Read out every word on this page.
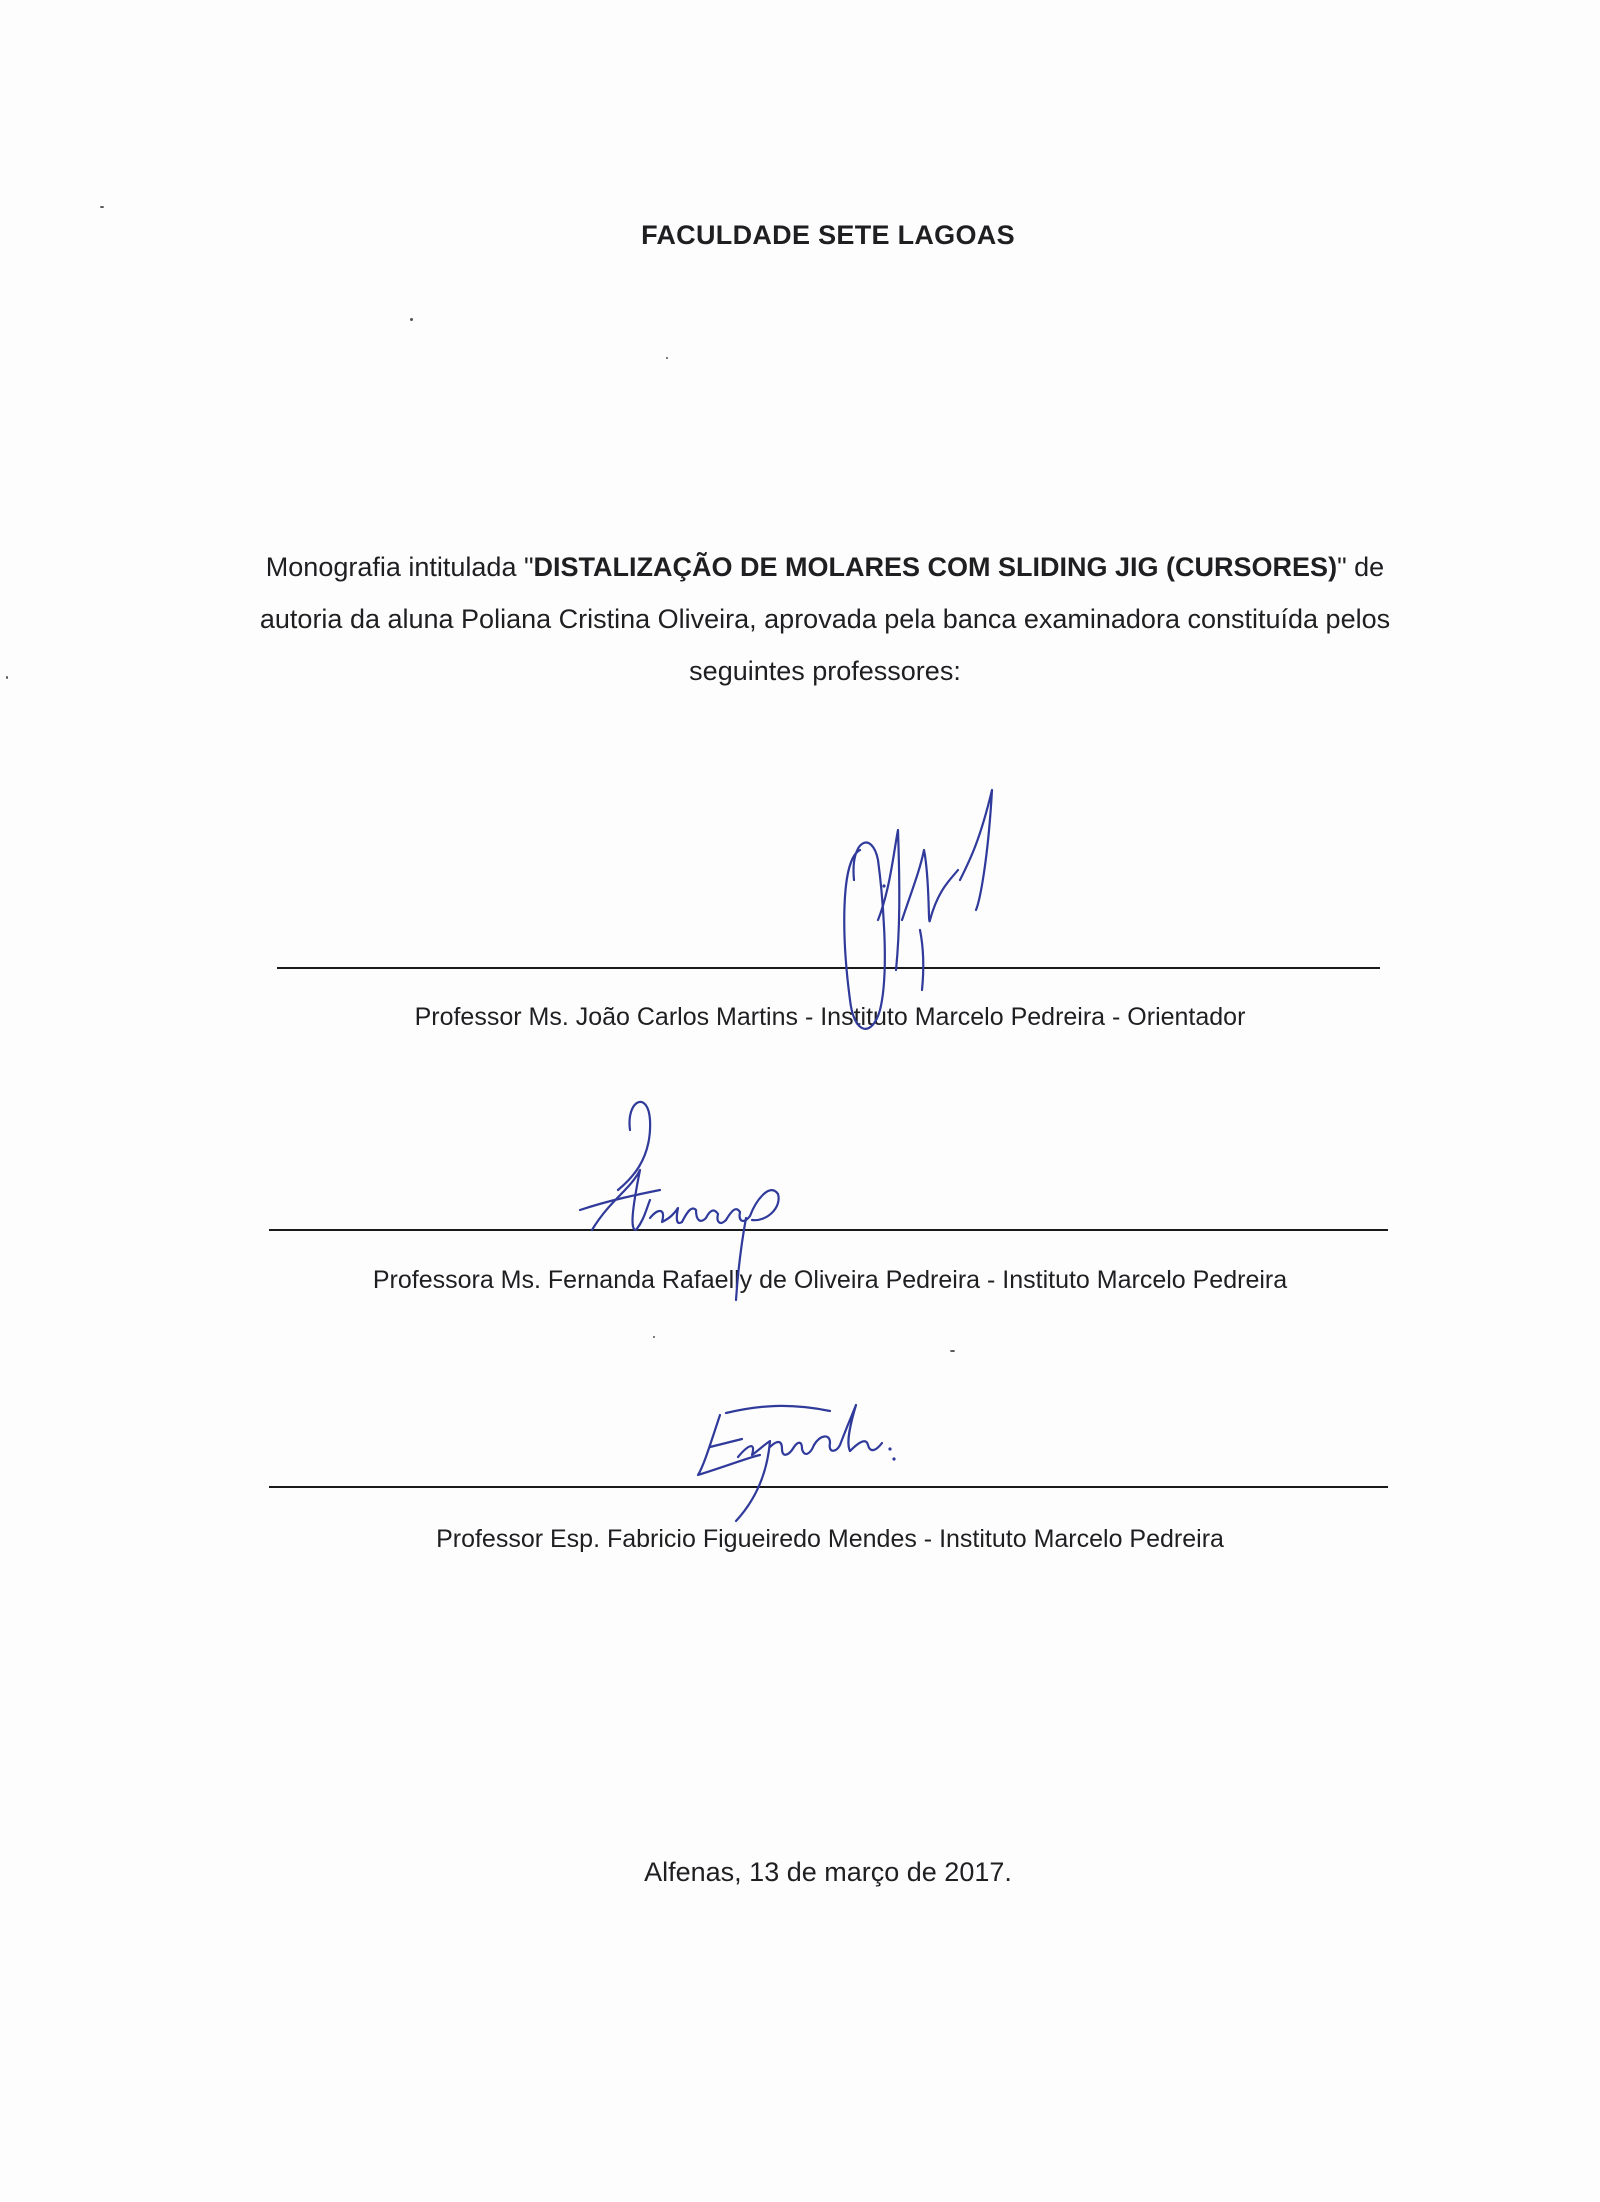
FACULDADE SETE LAGOAS
Monografia intitulada "DISTALIZAÇÃO DE MOLARES COM SLIDING JIG (CURSORES)" de autoria da aluna Poliana Cristina Oliveira, aprovada pela banca examinadora constituída pelos seguintes professores:
Professor Ms. João Carlos Martins - Instituto Marcelo Pedreira - Orientador
Professora Ms. Fernanda Rafaelly de Oliveira Pedreira - Instituto Marcelo Pedreira
Professor Esp. Fabricio Figueiredo Mendes - Instituto Marcelo Pedreira
Alfenas, 13 de março de 2017.
